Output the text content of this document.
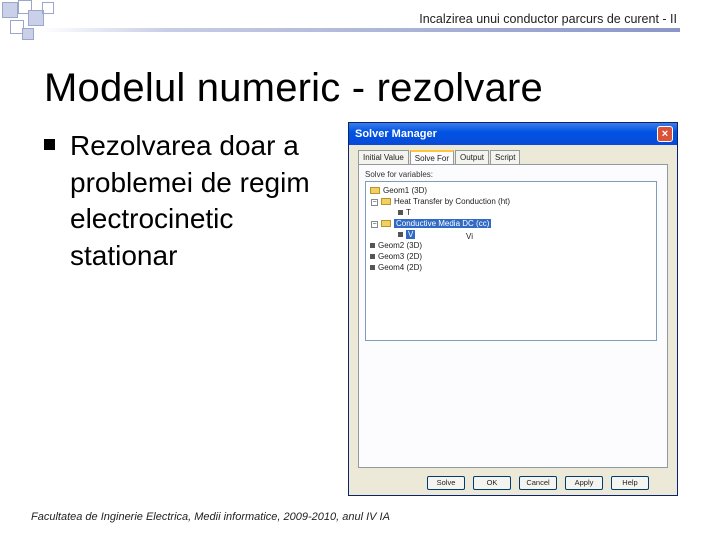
Incalzirea unui conductor parcurs de curent - II
Modelul numeric - rezolvare
Rezolvarea doar a problemei de regim electrocinetic stationar
Solver Manager	×
Initial Value	Solve For	Output	Script
Solve for variables:
Geom1 (3D)
−	Heat Transfer by Conduction (ht)
T
−	Conductive Media DC (cc)
V	Vi
Geom2 (3D)
Geom3 (2D)
Geom4 (2D)
Solve	OK	Cancel	Apply	Help
Facultatea de Inginerie Electrica, Medii informatice, 2009-2010, anul IV IA
